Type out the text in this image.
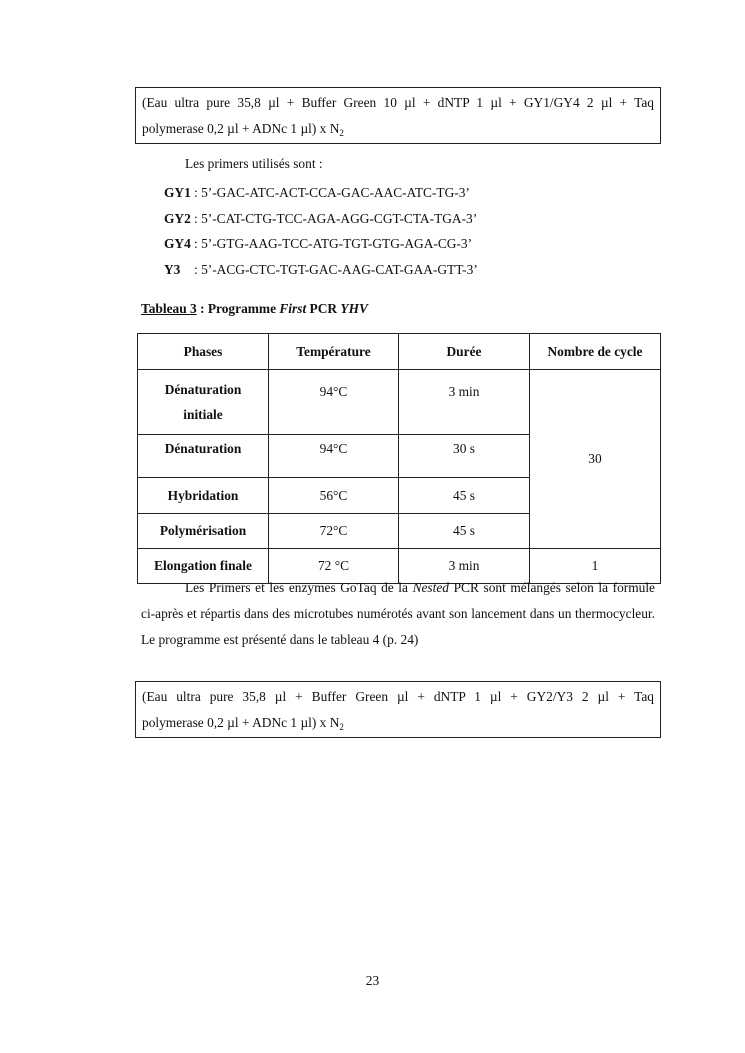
(Eau ultra pure 35,8 µl + Buffer Green 10 µl + dNTP 1 µl + GY1/GY4 2 µl + Taq
polymerase 0,2 µl + ADNc 1 µl) x $N_2$
Les primers utilisés sont :
GY1 : 5’-GAC-ATC-ACT-CCA-GAC-AAC-ATC-TG-3’
GY2 : 5’-CAT-CTG-TCC-AGA-AGG-CGT-CTA-TGA-3’
GY4 : 5’-GTG-AAG-TCC-ATG-TGT-GTG-AGA-CG-3’
Y3 : 5’-ACG-CTC-TGT-GAC-AAG-CAT-GAA-GTT-3’
Tableau 3 : Programme First PCR YHV
Phases	Température	Durée	Nombre de cycle
Dénaturation initiale	94°C	3 min	30
Dénaturation	94°C	30 s	
Hybridation	56°C	45 s	
Polymérisation	72°C	45 s	
Elongation finale	72 °C	3 min	1
Les Primers et les enzymes GoTaq de la Nested PCR sont mélangés selon la formule ci-après et répartis dans des microtubes numérotés avant son lancement dans un thermocycleur. Le programme est présenté dans le tableau 4 (p. 24)
(Eau ultra pure 35,8 µl + Buffer Green µl + dNTP 1 µl + GY2/Y3 2 µl + Taq
polymerase 0,2 µl + ADNc 1 µl) x $N_2$
23
